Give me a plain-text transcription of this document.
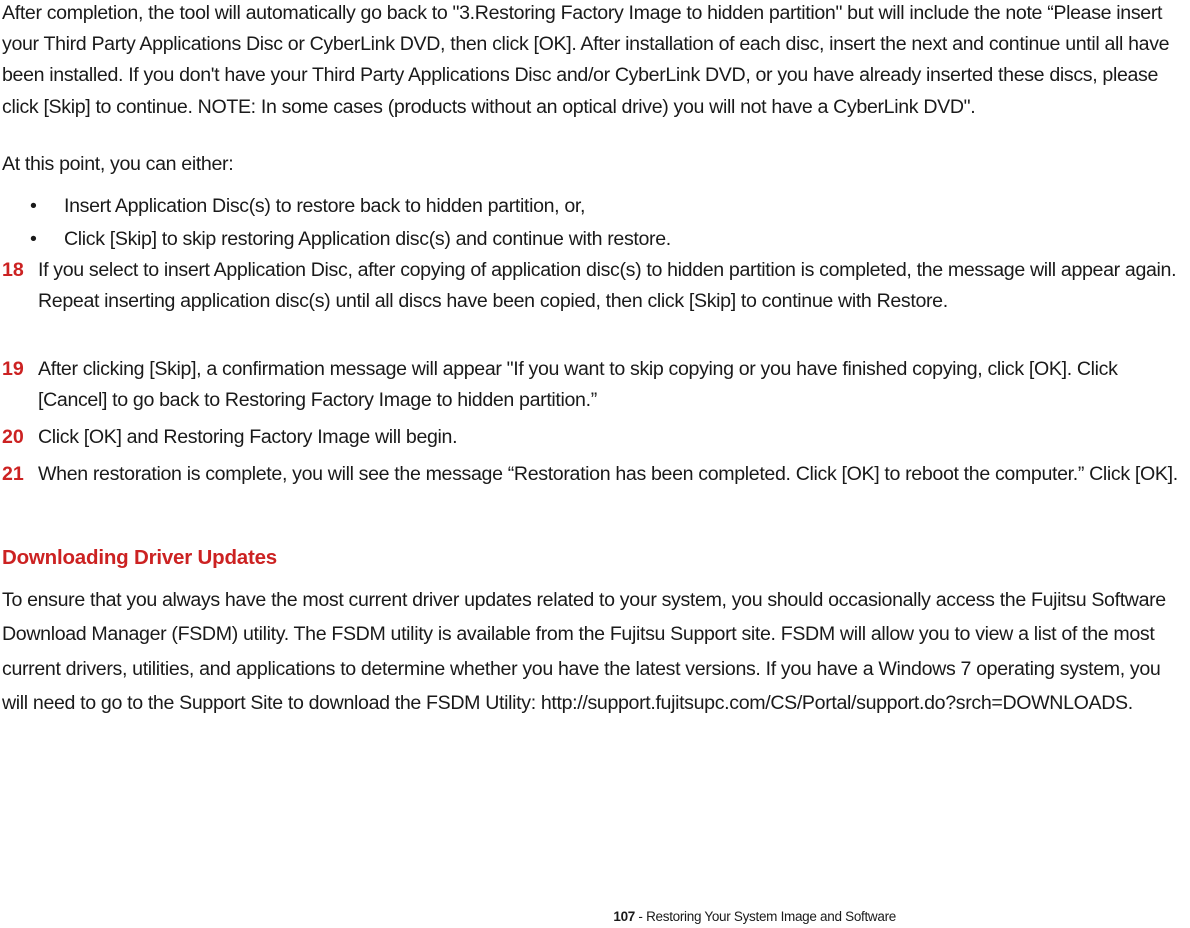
After completion, the tool will automatically go back to "3.Restoring Factory Image to hidden partition" but will include the note “Please insert your Third Party Applications Disc or CyberLink DVD, then click [OK]. After installation of each disc, insert the next and continue until all have been installed. If you don't have your Third Party Applications Disc and/or CyberLink DVD, or you have already inserted these discs, please click [Skip] to continue. NOTE: In some cases (products without an optical drive) you will not have a CyberLink DVD".

At this point, you can either:

• Insert Application Disc(s) to restore back to hidden partition, or,
• Click [Skip] to skip restoring Application disc(s) and continue with restore.
18 If you select to insert Application Disc, after copying of application disc(s) to hidden partition is completed, the message will appear again. Repeat inserting application disc(s) until all discs have been copied, then click [Skip] to continue with Restore.
19 After clicking [Skip], a confirmation message will appear "If you want to skip copying or you have finished copying, click [OK]. Click [Cancel] to go back to Restoring Factory Image to hidden partition.”
20 Click [OK] and Restoring Factory Image will begin.
21 When restoration is complete, you will see the message “Restoration has been completed. Click [OK] to reboot the computer.” Click [OK].
Downloading Driver Updates

To ensure that you always have the most current driver updates related to your system, you should occasionally access the Fujitsu Software Download Manager (FSDM) utility. The FSDM utility is available from the Fujitsu Support site. FSDM will allow you to view a list of the most current drivers, utilities, and applications to determine whether you have the latest versions. If you have a Windows 7 operating system, you will need to go to the Support Site to download the FSDM Utility: http://support.fujitsupc.com/CS/Portal/support.do?srch=DOWNLOADS.

107 - Restoring Your System Image and Software
